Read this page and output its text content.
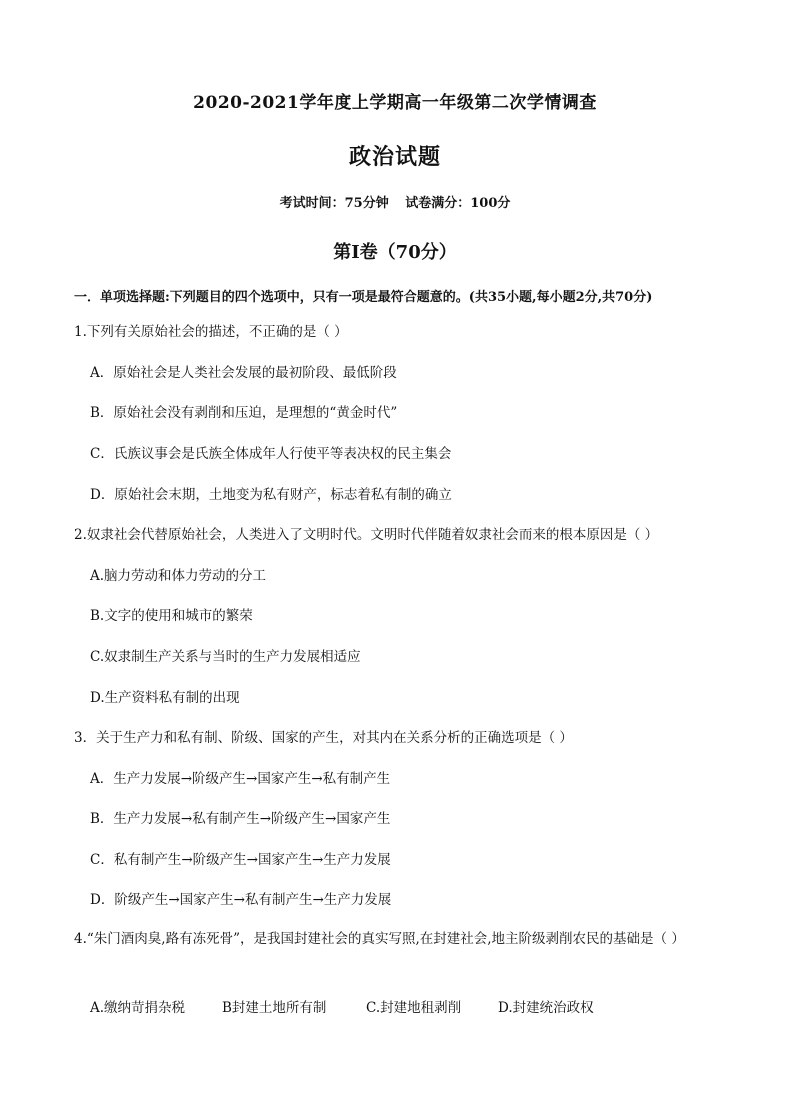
2020-2021学年度上学期高一年级第二次学情调查
政治试题
考试时间：75分钟 试卷满分：100分
第Ⅰ卷（70分）
一．单项选择题:下列题目的四个选项中，只有一项是最符合题意的。(共35小题,每小题2分,共70分)
1.下列有关原始社会的描述，不正确的是（ ）
A．原始社会是人类社会发展的最初阶段、最低阶段
B．原始社会没有剥削和压迫，是理想的“黄金时代”
C．氏族议事会是氏族全体成年人行使平等表决权的民主集会
D．原始社会末期，土地变为私有财产，标志着私有制的确立
2.奴隶社会代替原始社会，人类进入了文明时代。文明时代伴随着奴隶社会而来的根本原因是（ ）
A.脑力劳动和体力劳动的分工
B.文字的使用和城市的繁荣
C.奴隶制生产关系与当时的生产力发展相适应
D.生产资料私有制的出现
3．关于生产力和私有制、阶级、国家的产生，对其内在关系分析的正确选项是（ ）
A．生产力发展→阶级产生→国家产生→私有制产生
B．生产力发展→私有制产生→阶级产生→国家产生
C．私有制产生→阶级产生→国家产生→生产力发展
D．阶级产生→国家产生→私有制产生→生产力发展
4.“朱门酒肉臭,路有冻死骨”，是我国封建社会的真实写照,在封建社会,地主阶级剥削农民的基础是（ ）
A.缴纳苛捐杂税	B封建土地所有制	C.封建地租剥削	D.封建统治政权
